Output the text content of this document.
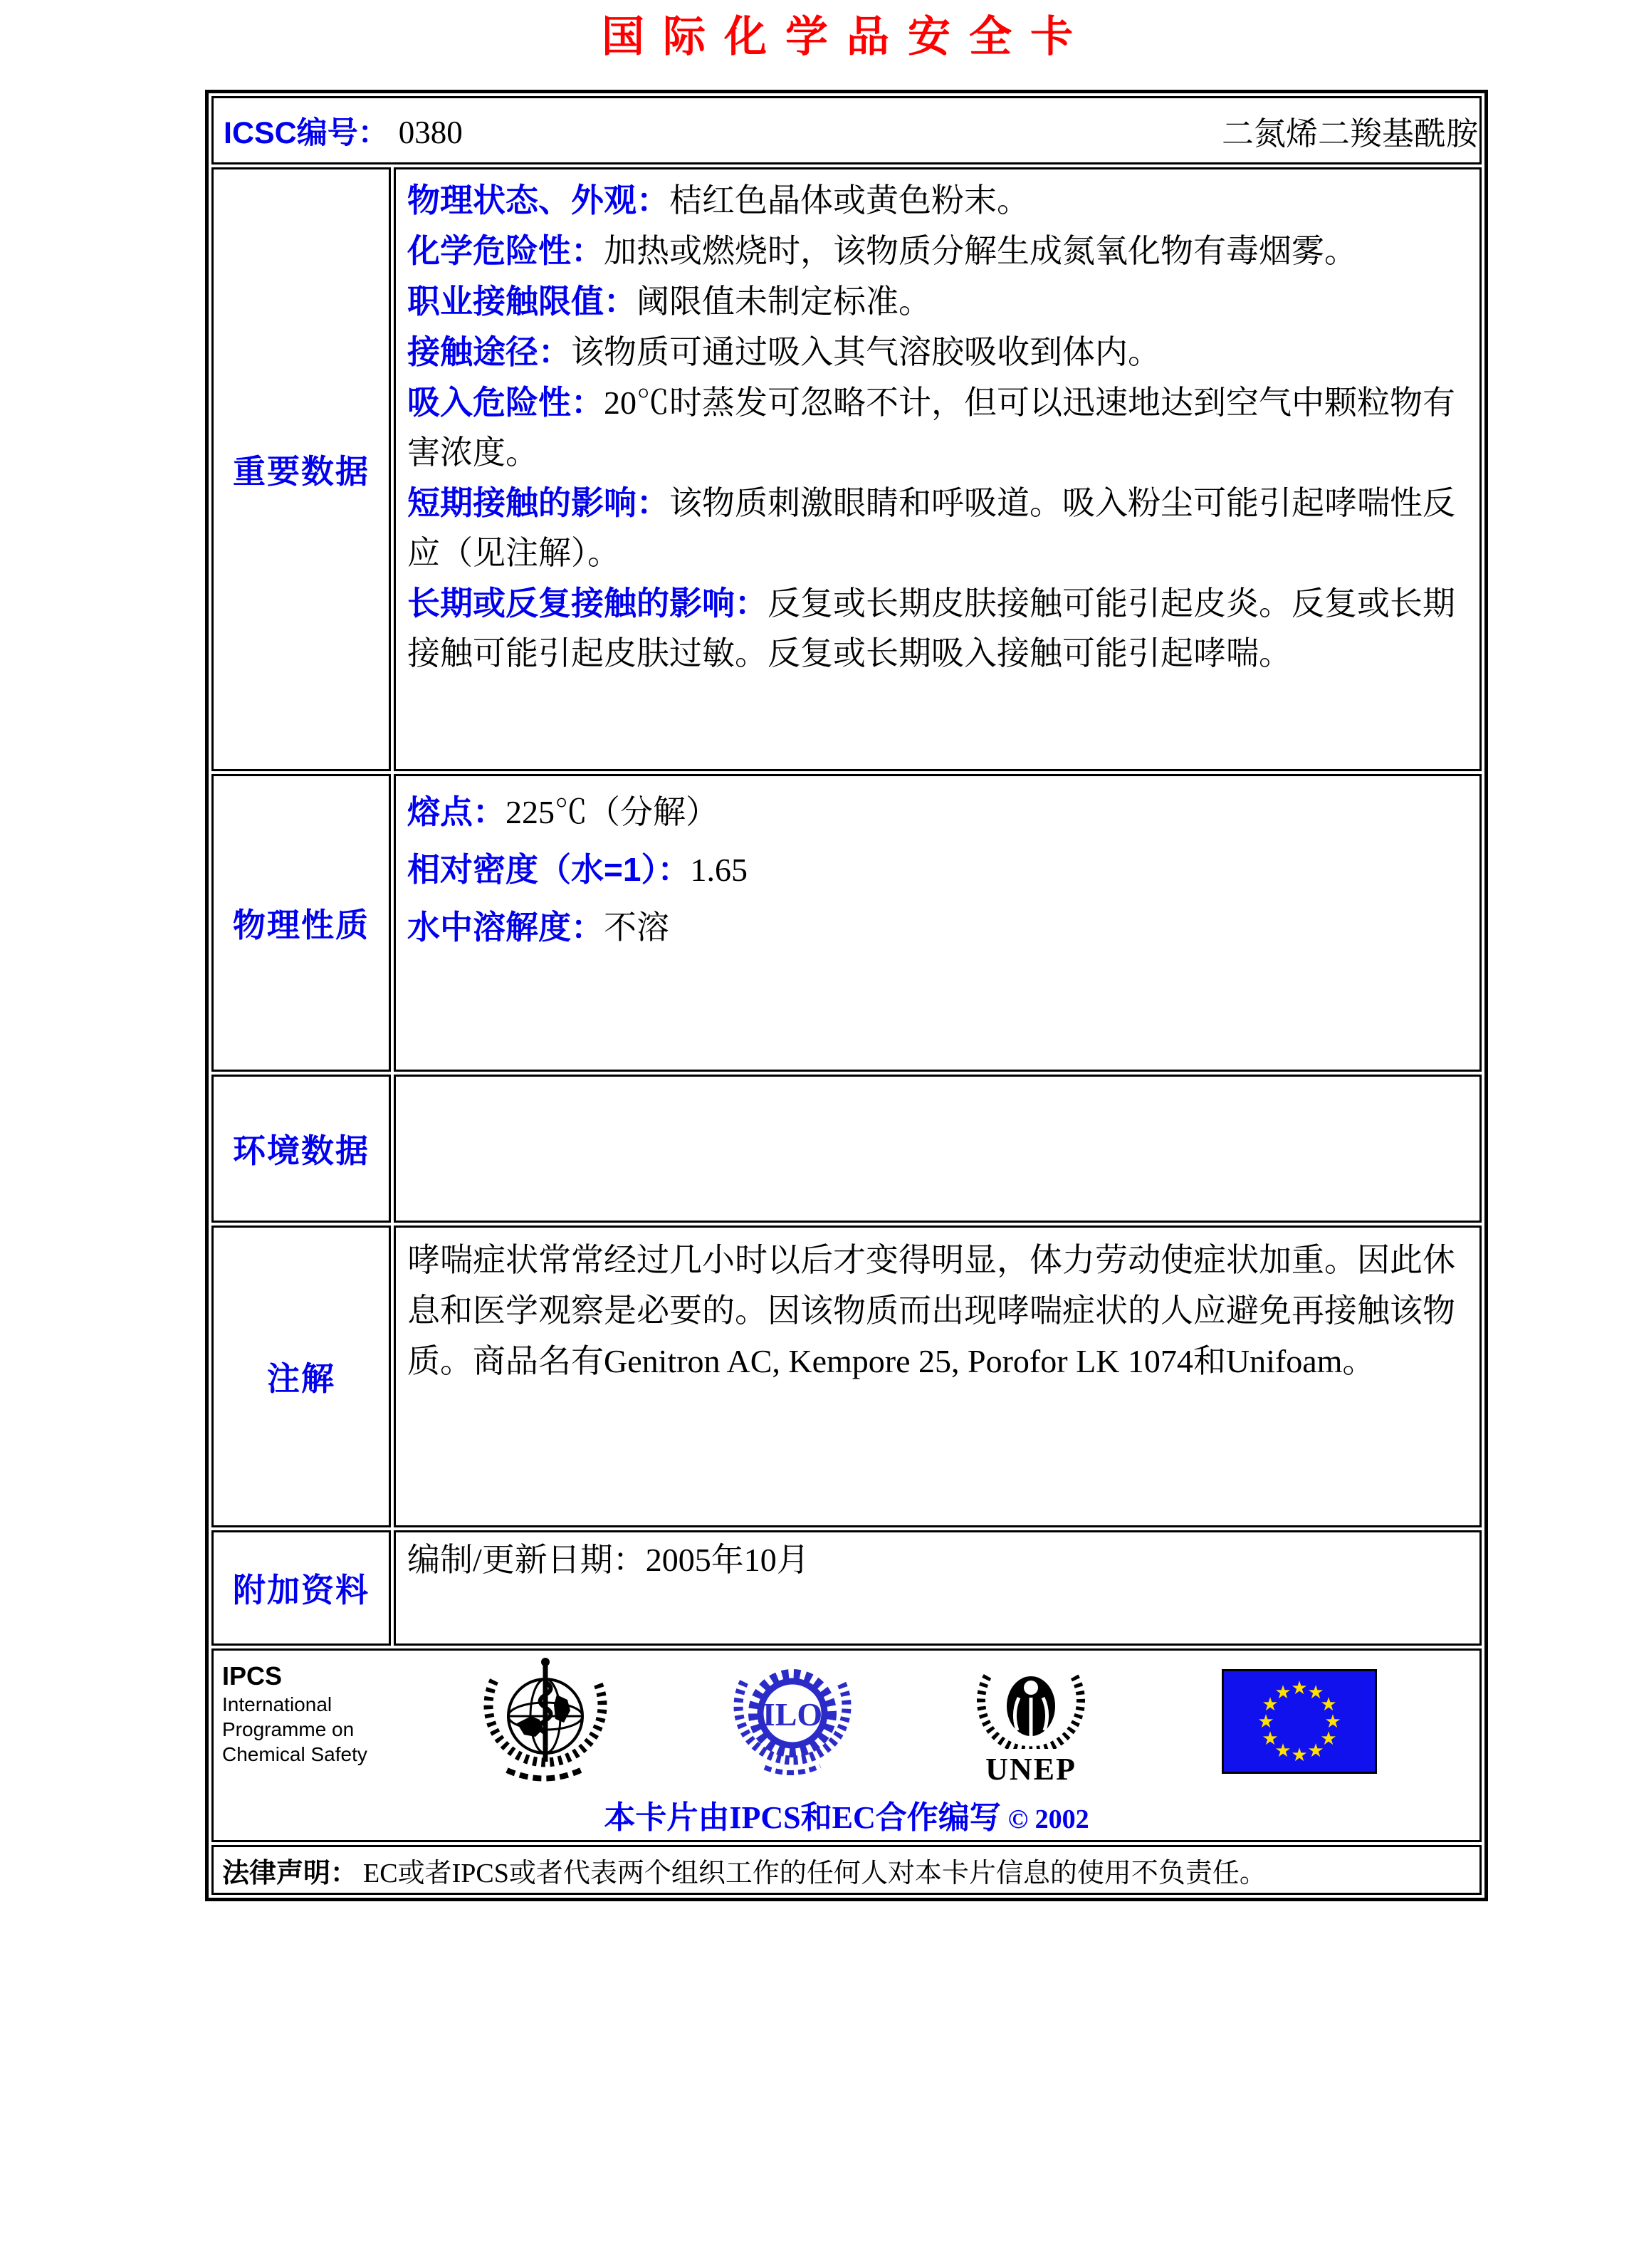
国际化学品安全卡
ICSC编号： 0380	二氮烯二羧基酰胺
重要数据

物理状态、外观：桔红色晶体或黄色粉末。

化学危险性：加热或燃烧时，该物质分解生成氮氧化物有毒烟雾。

职业接触限值：阈限值未制定标准。

接触途径：该物质可通过吸入其气溶胶吸收到体内。

吸入危险性：20℃时蒸发可忽略不计，但可以迅速地达到空气中颗粒物有害浓度。

短期接触的影响：该物质刺激眼睛和呼吸道。吸入粉尘可能引起哮喘性反应（见注解）。

长期或反复接触的影响：反复或长期皮肤接触可能引起皮炎。反复或长期接触可能引起皮肤过敏。反复或长期吸入接触可能引起哮喘。

物理性质

熔点：225℃（分解）

相对密度（水=1）：1.65

水中溶解度：不溶

环境数据
注解

哮喘症状常常经过几小时以后才变得明显，体力劳动使症状加重。因此休息和医学观察是必要的。因该物质而出现哮喘症状的人应避免再接触该物质。商品名有Genitron AC, Kempore 25, Porofor LK 1074和Unifoam。

附加资料

编制/更新日期：2005年10月

IPCS
International
Programme on
Chemical Safety
ILO
UNEP
★ ★
★
★
★
★
★
★
★
★
★
★
本卡片由IPCS和EC合作编写 © 2002
法律声明： EC或者IPCS或者代表两个组织工作的任何人对本卡片信息的使用不负责任。
